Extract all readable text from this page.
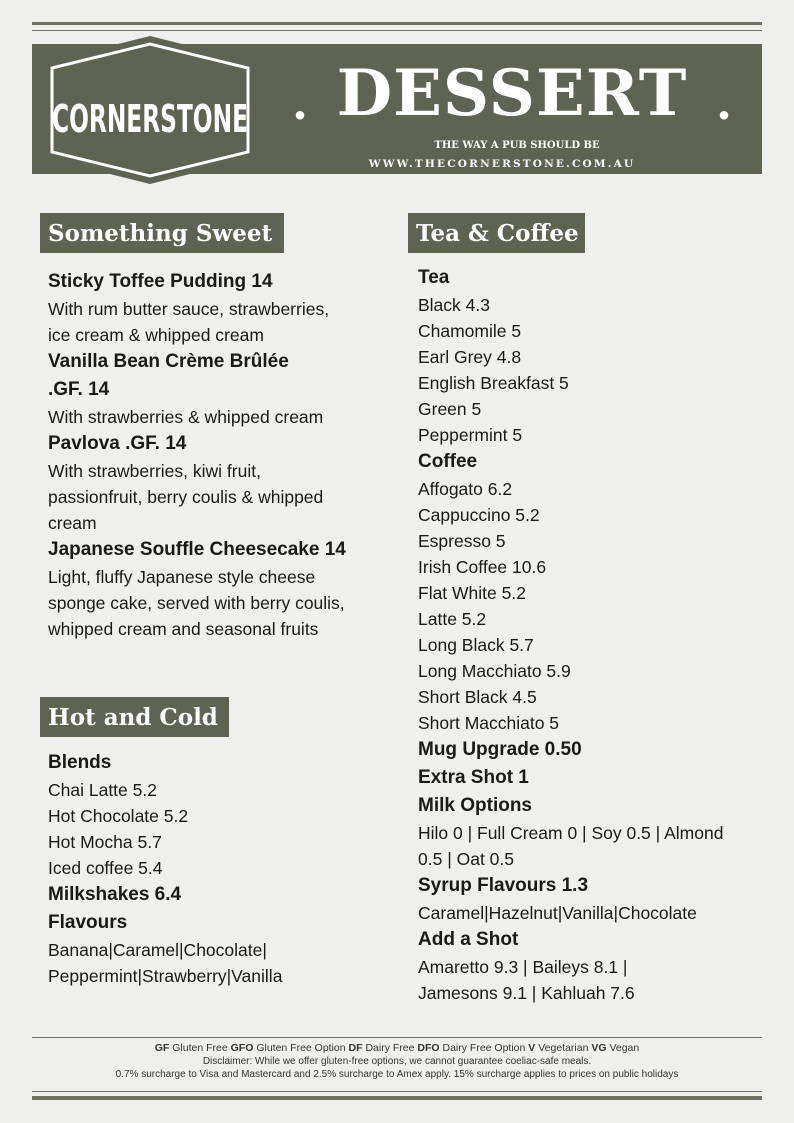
CORNERSTONE . DESSERT .
THE WAY A PUB SHOULD BE
WWW.THECORNERSTONE.COM.AU
Something Sweet	Tea & Coffee
Hot and Cold
Sticky Toffee Pudding 14
With rum butter sauce, strawberries,
ice cream & whipped cream
Vanilla Bean Crème Brûlée
.GF. 14
With strawberries & whipped cream
Pavlova .GF. 14
With strawberries, kiwi fruit,
passionfruit, berry coulis & whipped
cream
Japanese Souffle Cheesecake 14
Light, fluffy Japanese style cheese
sponge cake, served with berry coulis,
whipped cream and seasonal fruits
Blends
Chai Latte 5.2
Hot Chocolate 5.2
Hot Mocha 5.7
Iced coffee 5.4
Milkshakes 6.4
Flavours
Banana|Caramel|Chocolate|
Peppermint|Strawberry|Vanilla
Tea
Black 4.3
Chamomile 5
Earl Grey 4.8
English Breakfast 5
Green 5
Peppermint 5
Coffee
Affogato 6.2
Cappuccino 5.2
Espresso 5
Irish Coffee 10.6
Flat White 5.2
Latte 5.2
Long Black 5.7
Long Macchiato 5.9
Short Black 4.5
Short Macchiato 5
Mug Upgrade 0.50
Extra Shot 1
Milk Options
Hilo 0 | Full Cream 0 | Soy 0.5 | Almond
0.5 | Oat 0.5
Syrup Flavours 1.3
Caramel|Hazelnut|Vanilla|Chocolate
Add a Shot
Amaretto 9.3 | Baileys 8.1 |
Jamesons 9.1 | Kahluah 7.6
GF Gluten Free GFO Gluten Free Option DF Dairy Free DFO Dairy Free Option V Vegetarian VG Vegan
Disclaimer: While we offer gluten-free options, we cannot guarantee coeliac-safe meals.
0.7% surcharge to Visa and Mastercard and 2.5% surcharge to Amex apply. 15% surcharge applies to prices on public holidays
